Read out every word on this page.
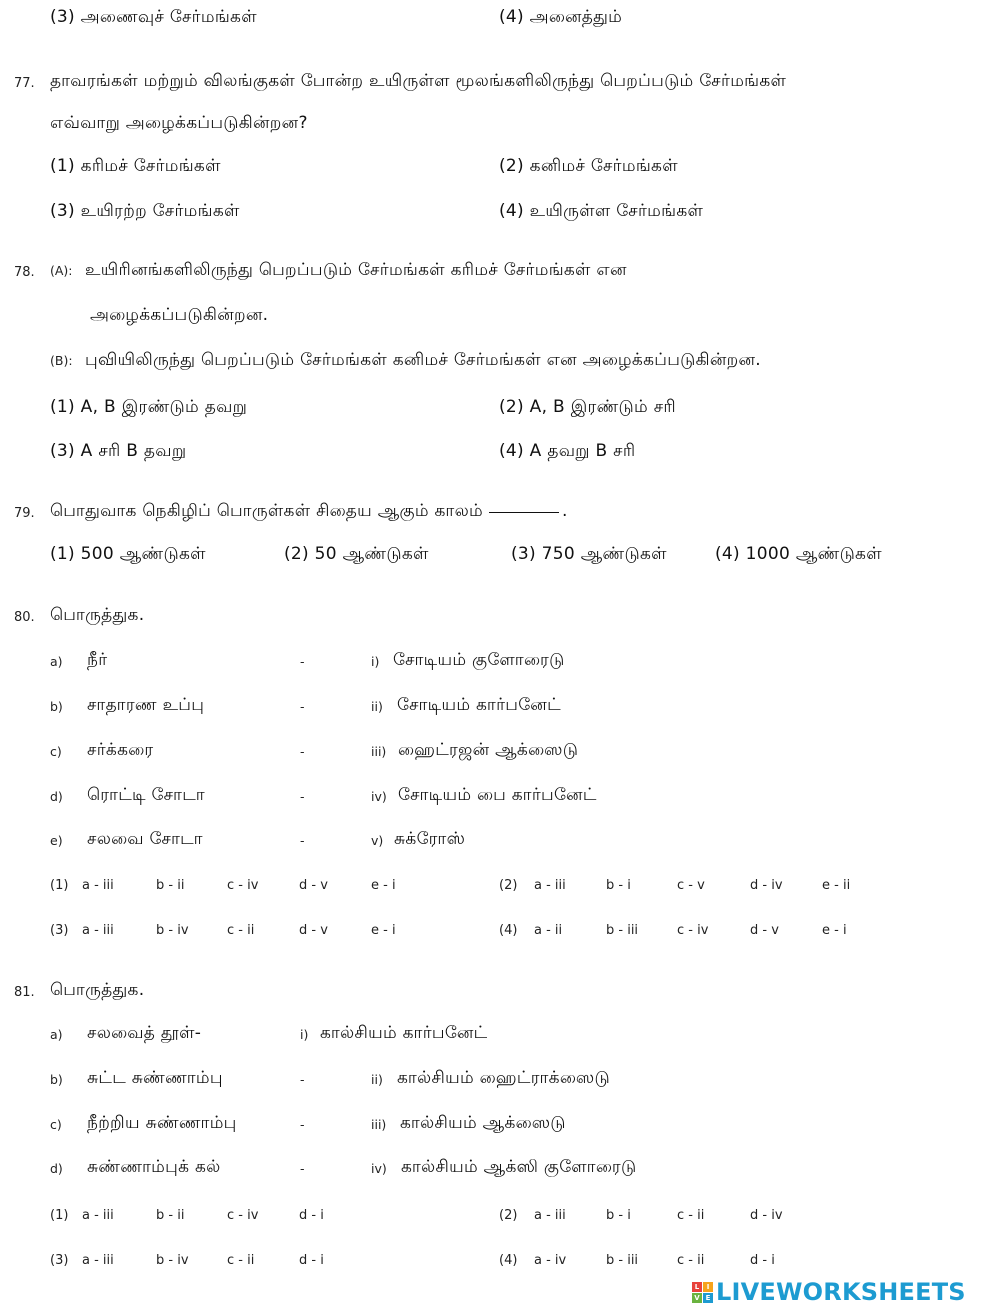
(3) அணைவுச் சேர்மங்கள்	(4) அனைத்தும்
77. தாவரங்கள் மற்றும் விலங்குகள் போன்ற உயிருள்ள மூலங்களிலிருந்து பெறப்படும் சேர்மங்கள்
எவ்வாறு அழைக்கப்படுகின்றன?
(1) கரிமச் சேர்மங்கள்	(2) கனிமச் சேர்மங்கள்
(3) உயிரற்ற சேர்மங்கள்	(4) உயிருள்ள சேர்மங்கள்
78. (A): உயிரினங்களிலிருந்து பெறப்படும் சேர்மங்கள் கரிமச் சேர்மங்கள் என
அழைக்கப்படுகின்றன.
(B): புவியிலிருந்து பெறப்படும் சேர்மங்கள் கனிமச் சேர்மங்கள் என அழைக்கப்படுகின்றன.
(1) A, B இரண்டும் தவறு	(2) A, B இரண்டும் சரி
(3) A சரி B தவறு	(4) A தவறு B சரி
79. பொதுவாக நெகிழிப் பொருள்கள் சிதைய ஆகும் காலம்	.
(1) 500 ஆண்டுகள்	(2) 50 ஆண்டுகள்	(3) 750 ஆண்டுகள்	(4) 1000 ஆண்டுகள்
80. பொருத்துக.
a) நீர்	-	i) சோடியம் குளோரைடு
b) சாதாரண உப்பு	-	ii) சோடியம் கார்பனேட்
c) சர்க்கரை	-	iii) ஹைட்ரஜன் ஆக்ஸைடு
d) ரொட்டி சோடா	-	iv) சோடியம் பை கார்பனேட்
e) சலவை சோடா	-	v) சுக்ரோஸ்
(1) a - iii	b - ii	c - iv	d - v	e - i	(2) a - iii	b - i	c - v	d - iv	e - ii
(3) a - iii	b - iv	c - ii	d - v	e - i	(4) a - ii	b - iii	c - iv	d - v	e - i
81. பொருத்துக.
a) சலவைத் தூள்-	i) கால்சியம் கார்பனேட்
b) சுட்ட சுண்ணாம்பு	-	ii) கால்சியம் ஹைட்ராக்ஸைடு
c) நீற்றிய சுண்ணாம்பு	-	iii) கால்சியம் ஆக்ஸைடு
d) சுண்ணாம்புக் கல்	-	iv) கால்சியம் ஆக்ஸி குளோரைடு
(1) a - iii	b - ii	c - iv	d - i	(2) a - iii	b - i	c - ii	d - iv
(3) a - iii	b - iv	c - ii	d - i	(4) a - iv	b - iii	c - ii	d - i
L	I
V E LIVEWORKSHEETS
